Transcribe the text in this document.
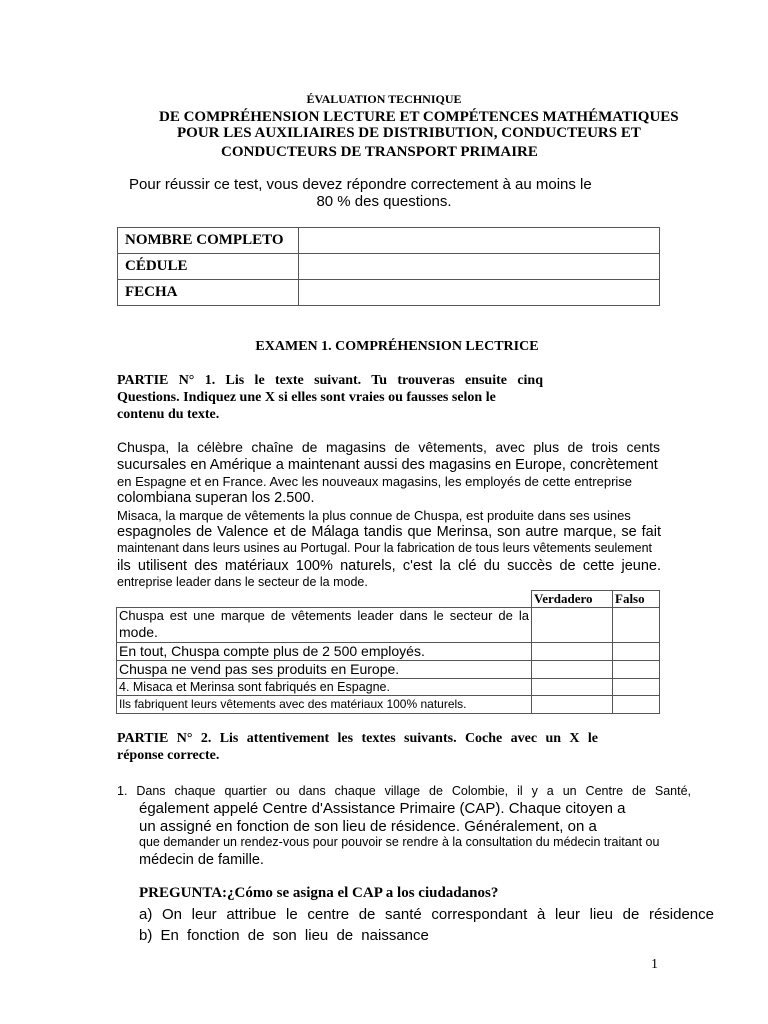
ÉVALUATION TECHNIQUE
DE COMPRÉHENSION LECTURE ET COMPÉTENCES MATHÉMATIQUES
POUR LES AUXILIAIRES DE DISTRIBUTION, CONDUCTEURS ET
CONDUCTEURS DE TRANSPORT PRIMAIRE
Pour réussir ce test, vous devez répondre correctement à au moins le
80 % des questions.
NOMBRE COMPLETO	
CÉDULE	
FECHA	
EXAMEN 1. COMPRÉHENSION LECTRICE
PARTIE N° 1. Lis le texte suivant. Tu trouveras ensuite cinq
Questions. Indiquez une X si elles sont vraies ou fausses selon le
contenu du texte.
Chuspa, la célèbre chaîne de magasins de vêtements, avec plus de trois cents
sucursales en Amérique a maintenant aussi des magasins en Europe, concrètement
en Espagne et en France. Avec les nouveaux magasins, les employés de cette entreprise
colombiana superan los 2.500.
Misaca, la marque de vêtements la plus connue de Chuspa, est produite dans ses usines
espagnoles de Valence et de Málaga tandis que Merinsa, son autre marque, se fait
maintenant dans leurs usines au Portugal. Pour la fabrication de tous leurs vêtements seulement
ils utilisent des matériaux 100% naturels, c'est la clé du succès de cette jeune.
entreprise leader dans le secteur de la mode.
	Verdadero	Falso

Chuspa est une marque de vêtements leader dans le secteur de la
mode.		

En tout, Chuspa compte plus de 2 500 employés.		
Chuspa ne vend pas ses produits en Europe.		
4. Misaca et Merinsa sont fabriqués en Espagne.		
Ils fabriquent leurs vêtements avec des matériaux 100% naturels.		
PARTIE N° 2. Lis attentivement les textes suivants. Coche avec un X le
réponse correcte.
1. Dans chaque quartier ou dans chaque village de Colombie, il y a un Centre de Santé,
également appelé Centre d'Assistance Primaire (CAP). Chaque citoyen a
un assigné en fonction de son lieu de résidence. Généralement, on a
que demander un rendez-vous pour pouvoir se rendre à la consultation du médecin traitant ou
médecin de famille.
PREGUNTA:¿Cómo se asigna el CAP a los ciudadanos?
a) On leur attribue le centre de santé correspondant à leur lieu de résidence
b) En fonction de son lieu de naissance
1
